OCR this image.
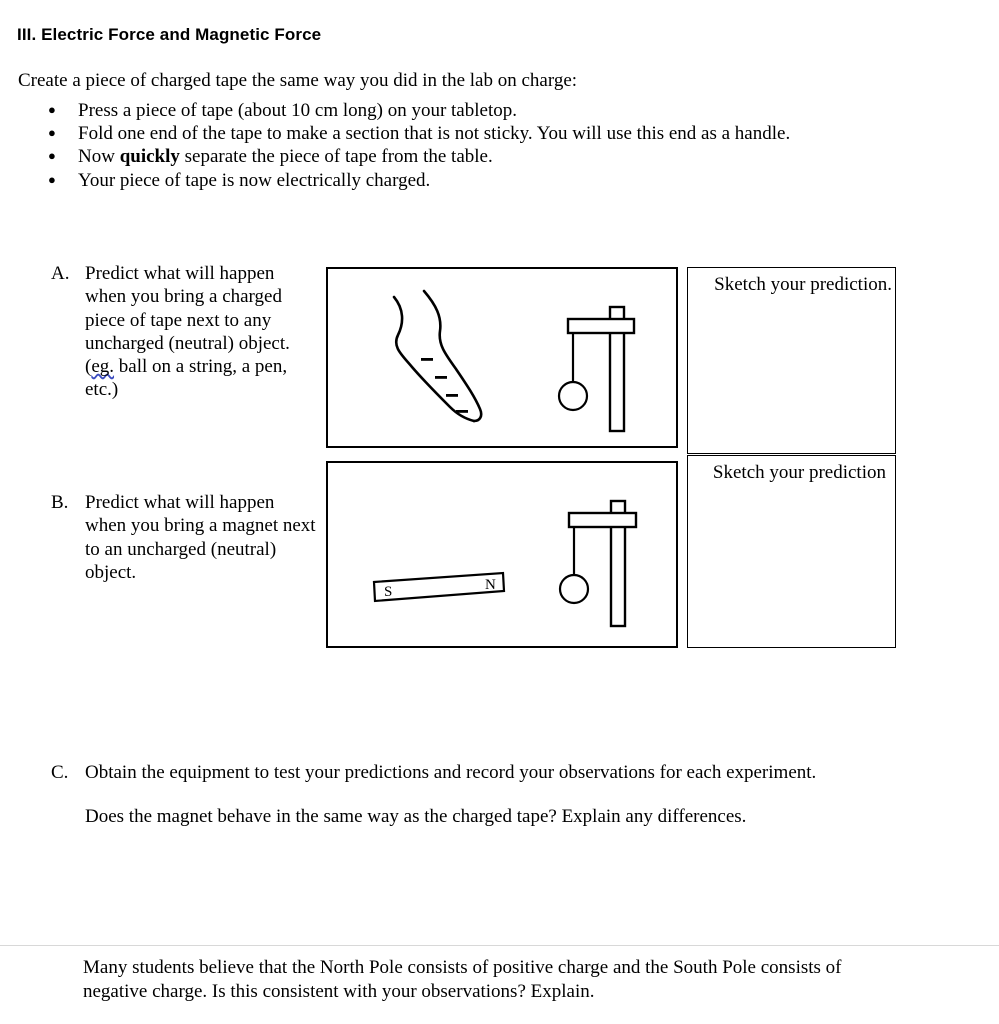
III. Electric Force and Magnetic Force
Create a piece of charged tape the same way you did in the lab on charge:
● Press a piece of tape (about 10 cm long) on your tabletop.
● Fold one end of the tape to make a section that is not sticky. You will use this end as a handle.
● Now quickly separate the piece of tape from the table.
● Your piece of tape is now electrically charged.
A. Predict what will happen when you bring a charged piece of tape next to any uncharged (neutral) object. (eg. ball on a string, a pen, etc.)
B. Predict what will happen when you bring a magnet next to an uncharged (neutral) object.
Sketch your prediction.
S	N
Sketch your prediction
C. Obtain the equipment to test your predictions and record your observations for each experiment.
Does the magnet behave in the same way as the charged tape? Explain any differences.
Many students believe that the North Pole consists of positive charge and the South Pole consists of
negative charge. Is this consistent with your observations? Explain.
